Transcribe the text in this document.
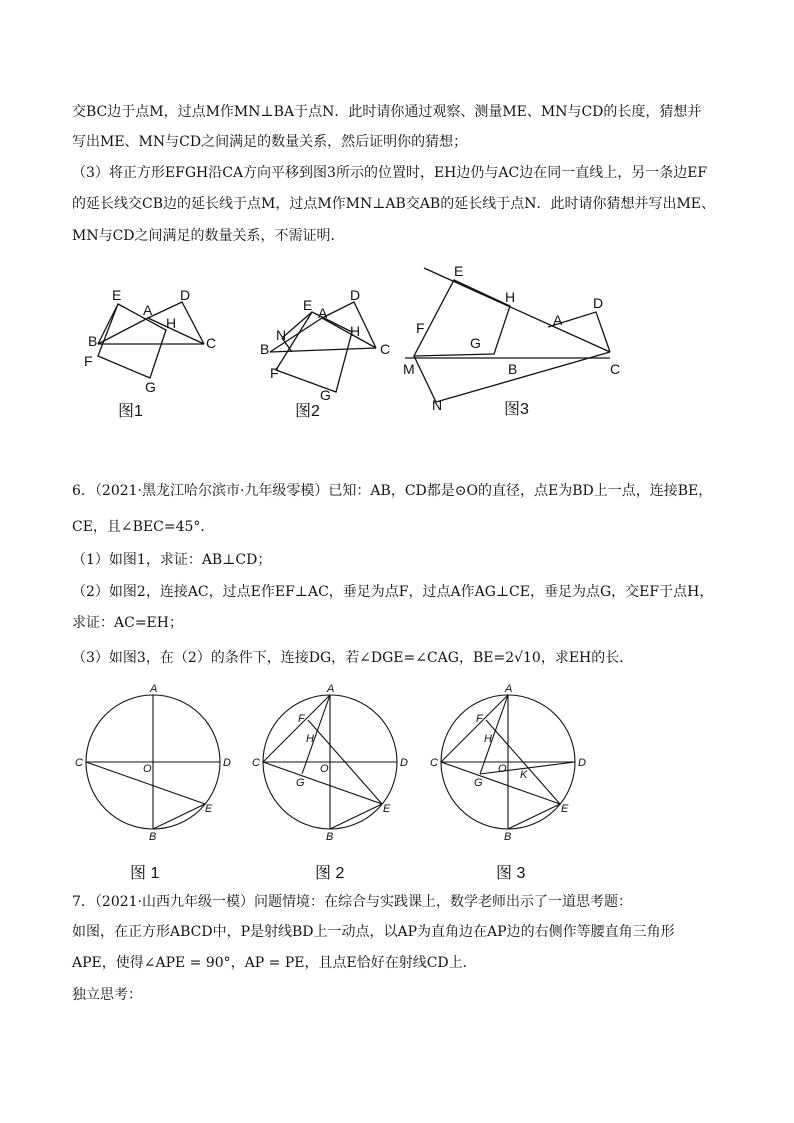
交BC边于点M，过点M作MN⊥BA于点N．此时请你通过观察、测量ME、MN与CD的长度，猜想并
写出ME、MN与CD之间满足的数量关系，然后证明你的猜想；
（3）将正方形EFGH沿CA方向平移到图3所示的位置时，EH边仍与AC边在同一直线上，另一条边EF
的延长线交CB边的延长线于点M，过点M作MN⊥AB交AB的延长线于点N．此时请你猜想并写出ME、
MN与CD之间满足的数量关系，不需证明．
E
A
D
H
B	C
F
G
E A
D
N	H
B	C
F
G
E
H	D
F
G
A
M	B	C
N
图1	图2	图3
6．（2021·黑龙江哈尔滨市·九年级零模）已知：AB，CD都是⊙O的直径，点E为BD上一点，连接BE，
CE，且∠BEC=45°．
（1）如图1，求证：AB⊥CD；
（2）如图2，连接AC，过点E作EF⊥AC，垂足为点F，过点A作AG⊥CE，垂足为点G，交EF于点H，
求证：AC=EH；
（3）如图3，在（2）的条件下，连接DG，若∠DGE=∠CAG，BE=2√10，求EH的长．
A
C	D
O
E
B
A
F
H
C	D
O
G
E
B
A
F
H
C	D
O K
G
E
B
图 1	图 2	图 3
7．（2021·山西九年级一模）问题情境：在综合与实践课上，数学老师出示了一道思考题：
如图，在正方形ABCD中，P是射线BD上一动点，以AP为直角边在AP边的右侧作等腰直角三角形
APE，使得∠APE = 90°，AP = PE，且点E恰好在射线CD上．
独立思考：
